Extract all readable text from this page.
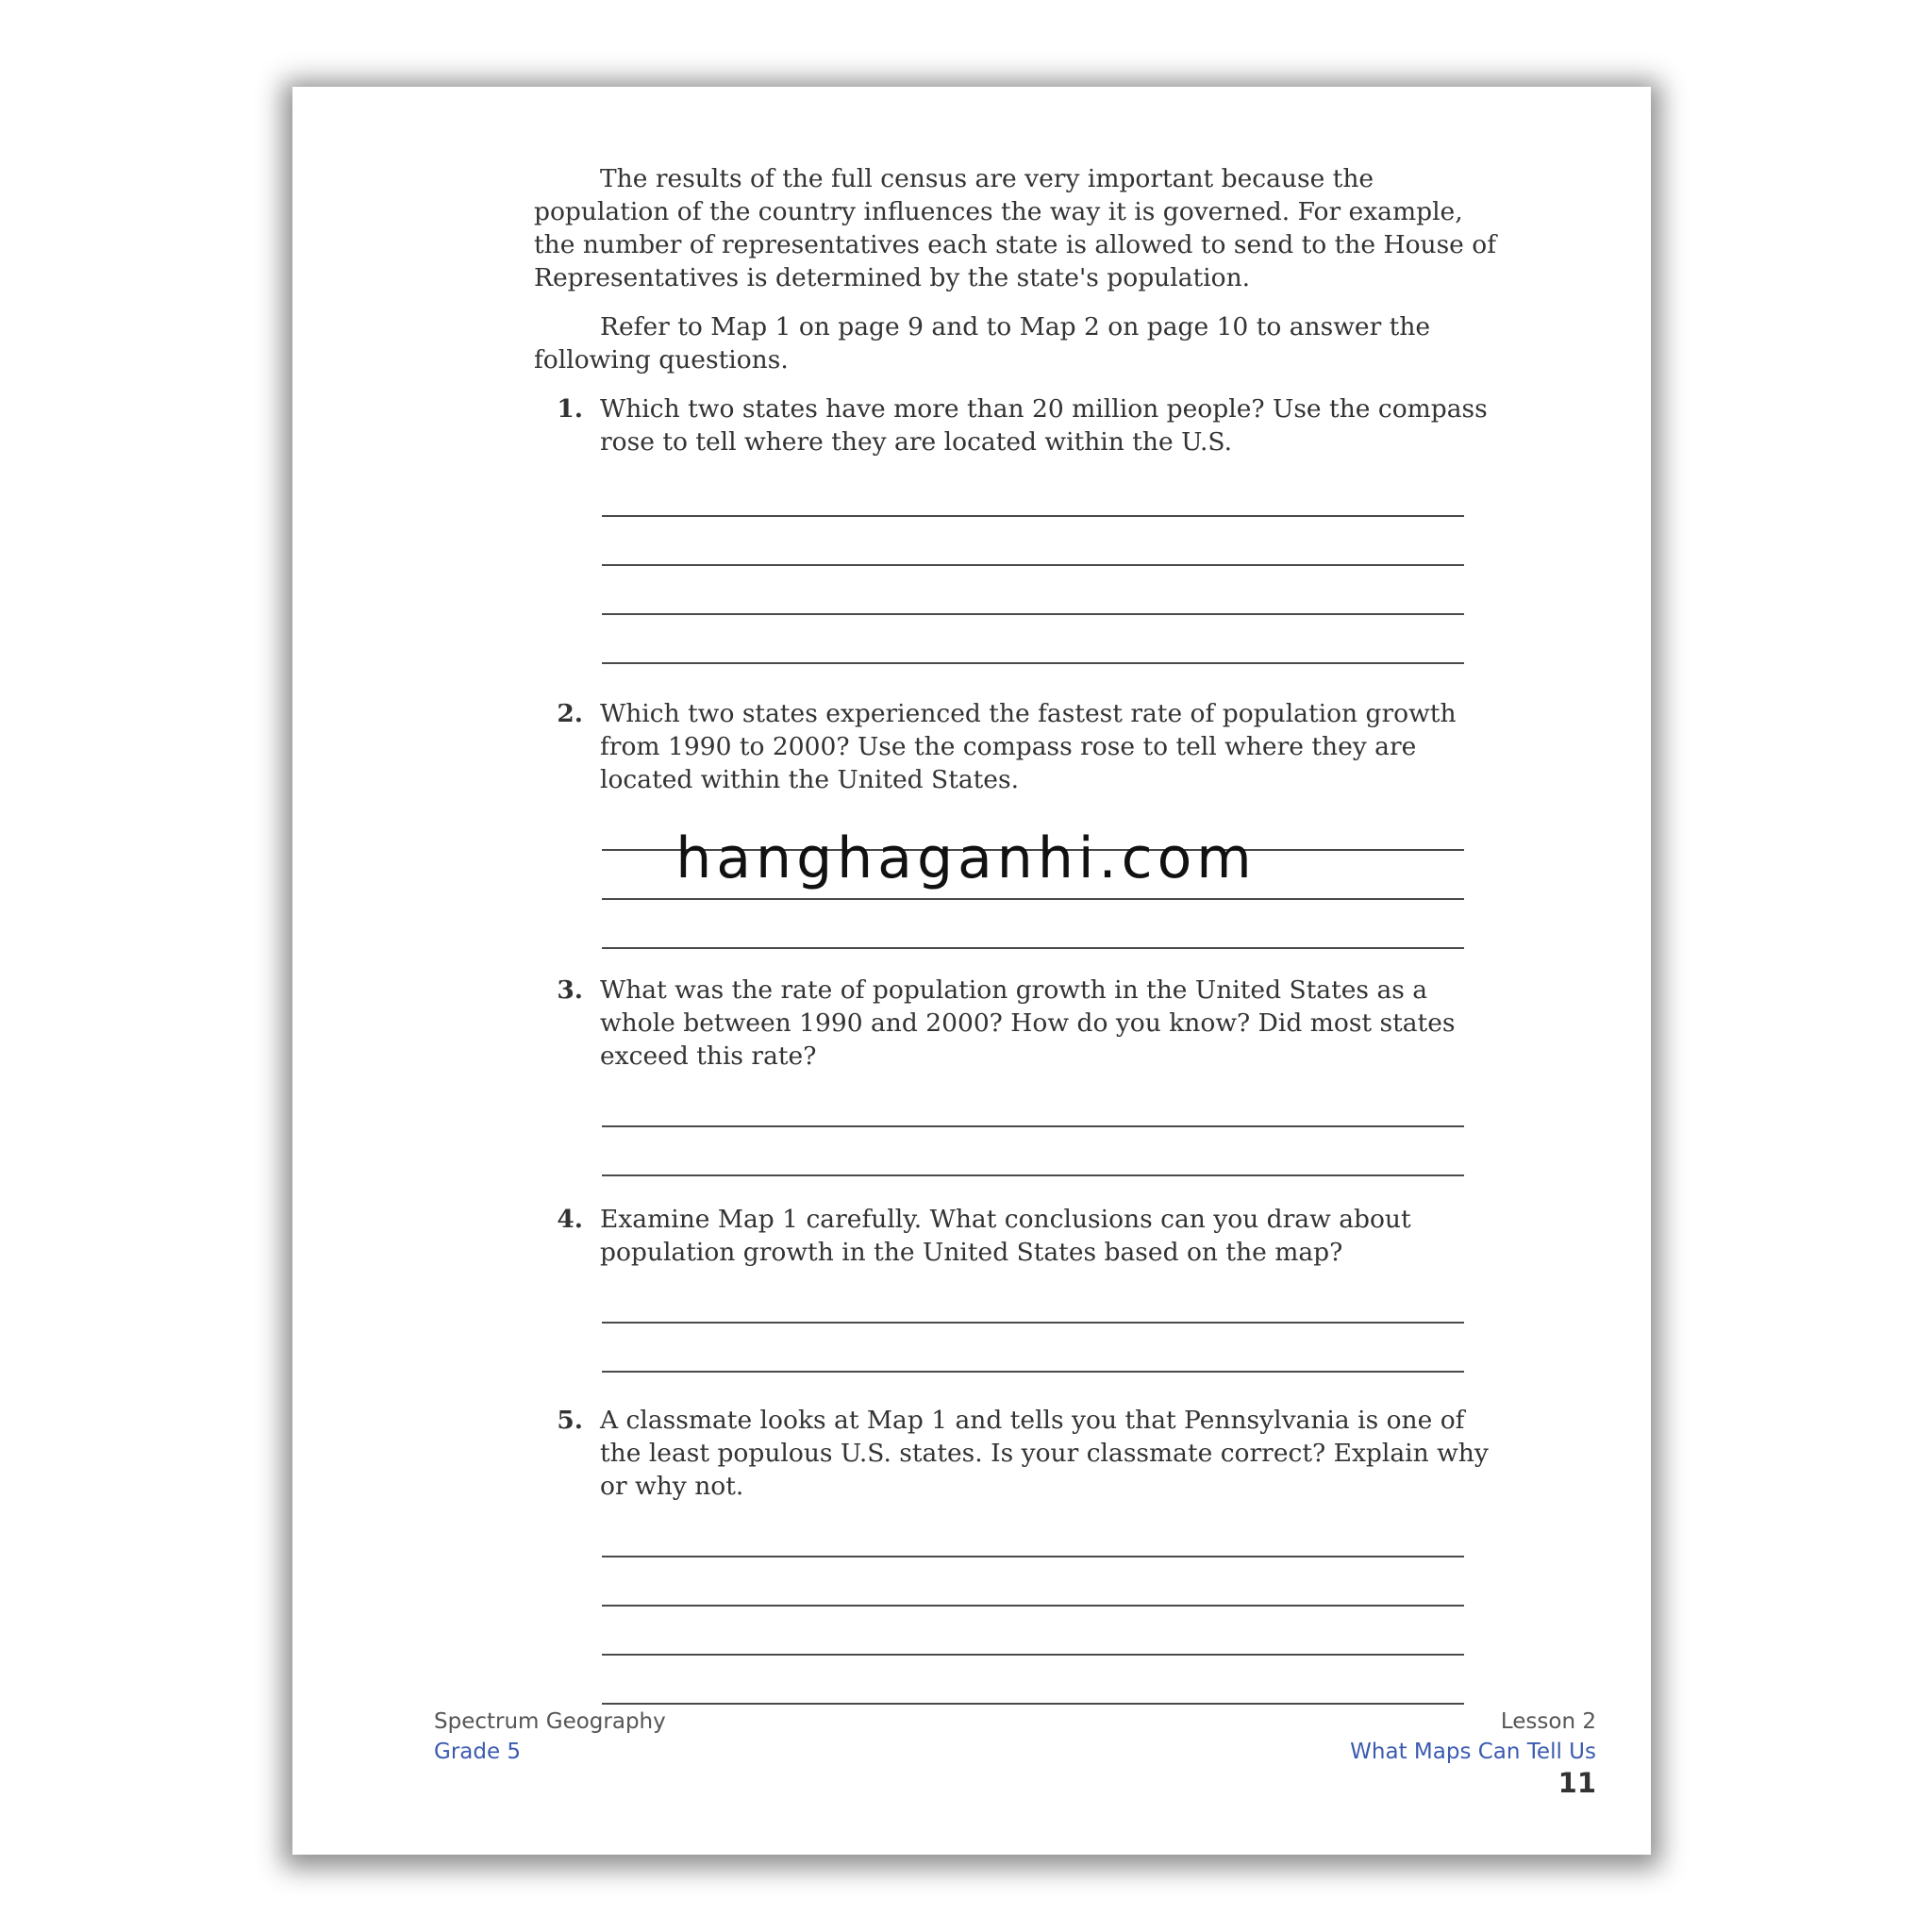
The results of the full census are very important because the population of the country influences the way it is governed. For example, the number of representatives each state is allowed to send to the House of Representatives is determined by the state's population.

Refer to Map 1 on page 9 and to Map 2 on page 10 to answer the following questions.

1. Which two states have more than 20 million people? Use the compass rose to tell where they are located within the U.S.
2. Which two states experienced the fastest rate of population growth from 1990 to 2000? Use the compass rose to tell where they are located within the United States.
3. What was the rate of population growth in the United States as a whole between 1990 and 2000? How do you know? Did most states exceed this rate?
4. Examine Map 1 carefully. What conclusions can you draw about population growth in the United States based on the map?
5. A classmate looks at Map 1 and tells you that Pennsylvania is one of the least populous U.S. states. Is your classmate correct? Explain why or why not.
Spectrum Geography
Grade 5
Lesson 2
What Maps Can Tell Us
11
hanghaganhi.com
